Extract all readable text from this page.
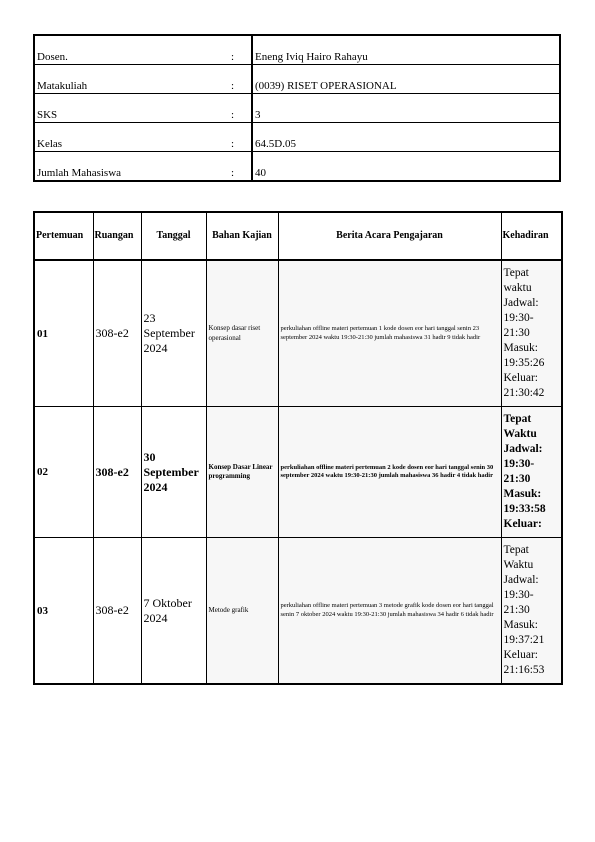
Dosen.	:	Eneng Iviq Hairo Rahayu
Matakuliah	:	(0039) RISET OPERASIONAL
SKS	:	3
Kelas	:	64.5D.05
Jumlah Mahasiswa	:	40
Pertemuan	Ruangan	Tanggal	Bahan Kajian	Berita Acara Pengajaran	Kehadiran
01	308-e2	23 September 2024	Konsep dasar riset operasional	perkuliahan offline materi pertemuan 1 kode dosen eor hari tanggal senin 23 september 2024 waktu 19:30-21:30 jumlah mahasiswa 31 hadir 9 tidak hadir	Tepat waktu
Jadwal: 19:30-21:30
Masuk: 19:35:26
Keluar: 21:30:42

02	308-e2	30 September 2024	Konsep Dasar Linear programming	perkuliahan offline materi pertemuan 2 kode dosen eor hari tanggal senin 30 september 2024 waktu 19:30-21:30 jumlah mahasiswa 36 hadir 4 tidak hadir	Tepat Waktu
Jadwal: 19:30-21:30
Masuk: 19:33:58
Keluar:

03	308-e2	7 Oktober 2024	Metode grafik	perkuliahan offline materi pertemuan 3 metode grafik kode dosen eor hari tanggal senin 7 oktober 2024 waktu 19:30-21:30 jumlah mahasiswa 34 hadir 6 tidak hadir	Tepat Waktu
Jadwal: 19:30-21:30
Masuk: 19:37:21
Keluar: 21:16:53
